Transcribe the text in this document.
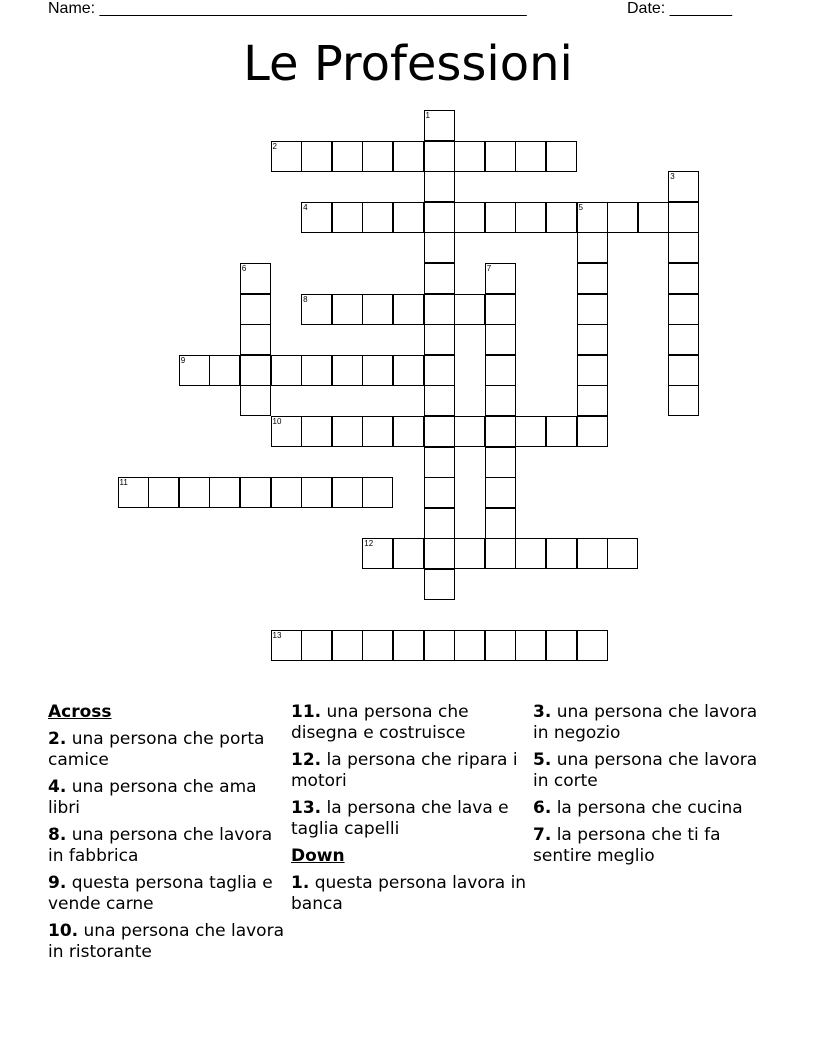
Name: ________________________________________________	Date: _______
Le Professioni
1
2
3
4	5
6	7
8
9
10
11
12
13
Across
2. una persona che porta camice
4. una persona che ama libri
8. una persona che lavora in fabbrica
9. questa persona taglia e vende carne
10. una persona che lavora in ristorante
11. una persona che disegna e costruisce
12. la persona che ripara i motori
13. la persona che lava e taglia capelli
Down
1. questa persona lavora in banca
3. una persona che lavora in negozio
5. una persona che lavora in corte
6. la persona che cucina
7. la persona che ti fa sentire meglio
